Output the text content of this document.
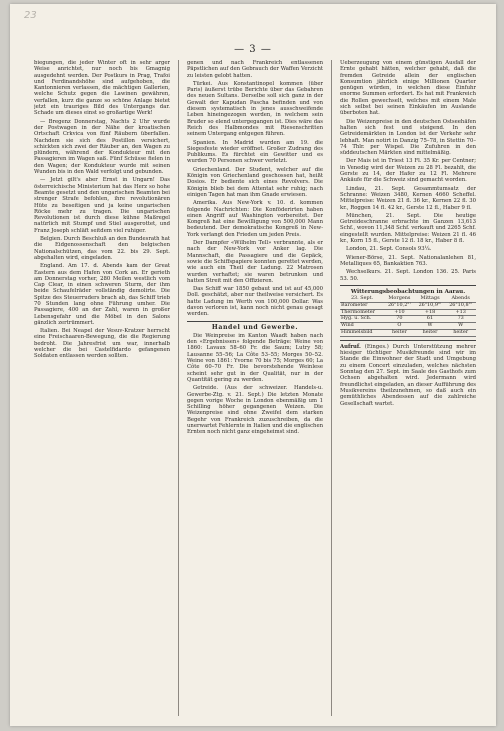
23
— 3 —

biegungen, die jeder Winter oft in sehr arger Weise anrichtet, nur noch bis Gmagnig ausgedehnt werden. Der Postkurs in Prag, Trafoi und Ferdinandshöhe sind aufgehoben, die Kantonnieren verlassen, die mächtigen Gallerien, welche Schutz gegen die Lawinen gewähren, verfallen, kurz die ganze so schöne Anlage bietet jetzt ein trauriges Bild des Untergangs dar. Schade um dieses einst so großartige Werk!

— Bregenz Donnerstag, Nachts 2 Uhr wurde der Postwagen in der Nähe der kroatischen Ortschaft Crkvica von fünf Räubern überfallen. Nachdem sie sich des Postillon versichert, schickten sich zwei der Räuber an, den Wagen zu plündern, während der Kondukteur mit den Passagieren im Wagen saß. Fünf Schüsse fielen in den Wagen; der Kondukteur wurde mit seinen Wunden bis in den Wald verfolgt und gebunden.

— Jetzt gilt's aber Ernst in Ungarn! Das österreichische Ministerium hat das Herz so hohe Beamte gesetzt und den ungarischen Beamten bei strenger Strafe befohlen, ihre revolutionären Hüte zu beseitigen und ja keine ungarischen Röcke mehr zu tragen. Die ungarischen Revolutionen ist durch diese kühne Maßregel natürlich mit Stumpf und Stiel ausgerottet, und Franz Joseph schläft seitdem viel ruhiger.

Belgien. Durch Beschluß an den Bundesrath hat die Eidgenossenschaft den belgischen Nationalschützen, das vom 22. bis 29. Sept. abgehalten wird, eingeladen.

England. Am 17. d. Abends kam der Great Eastern aus dem Hafen von Cork an. Er gerieth am Donnerstag vorher, 280 Meilen westlich vom Cap Clear, in einen schweren Sturm, der ihm beide Schaufelräder vollständig demolirte. Die Spitze des Steuerruders brach ab, das Schiff trieb 70 Stunden lang ohne Führung umher. Die Passagiere, 400 an der Zahl, waren in großer Lebensgefahr und die Möbel in den Salons gänzlich zertrümmert.

Italien. Bei Neapel der Vesuv-Kratzer herrscht eine Freischaaren-Bewegung, die die Regierung bedroht. Die Jahresfrist um war, innerhalb welcher die bei Castelfidardo gefangenen Soldaten entlassen werden sollten.

genen und nach Frankreich entlassenen Päpstlichen auf den Gebrauch der Waffen Verzicht zu leisten gelobt hatten.

Türkei. Aus Konstantinopel kommen (über Paris) äußerst trübe Berichte über das Gebahren des neuen Sultans. Derselbe soll sich ganz in der Gewalt der Kapudan Pascha befinden und von diesem systematisch in jenes ausschweifende Leben hineingezogen werden, in welchem sein Bruder so elend untergegangen ist. Dies wäre das Reich des Halbmondes mit Riesenschritten seinem Untergang entgegen führen.

Spanien. In Madrid wurden am 19. die Siegesfeste wieder eröffnet. Großer Zudrang des Publikums. Es fürchtet ein Gewitter und es wurden 70 Personen schwer verletzt.

Griechenland. Der Student, welcher auf die Königin von Griechenland geschossen hat, heißt Dosios. Er bediente sich eines Revolvers. Die Königin blieb bei dem Attentat sehr ruhig; nach einigen Tagen hat man ihm Gnade erwiesen.

Amerika. Aus New-York v. 10. d. kommen folgende Nachrichten: Die Konföderirten haben einen Angriff auf Washington vorbereitet. Der Kongreß hat eine Bewilligung von 500,000 Mann bedeutend. Der demokratische Kongreß in New-York verlangt den Frieden um jeden Preis.

Der Dampfer «Wilhelm Tell» verbrannte, als er nach der New-York vor Anker lag. Die Mannschaft, die Passagiere und die Gepäck, sowie die Schiffspapiere konnten gerettet werden, wie auch ein Theil der Ladung. 22 Matrosen wurden verhaftet; sie waren betrunken und hatten Streit mit den Offizieren.

Das Schiff war 1850 gebaut und ist auf 45,000 Doll. geschätzt, aber nur theilweise versichert. Es hatte Ladung im Werth von 100,000 Dollar. Was davon verloren ist, kann noch nicht genau gesagt werden.

Handel und Gewerbe.

Die Weinpreise im Kanton Waadt haben nach den «Ergebnissen» folgende Beträge: Weine von 1860: Lavaux 58–60 Fr. die Saum; Lutry 58; Lausanne 55–56; La Côte 53–55; Morges 50–52. Weine von 1861: Yvorne 70 bis 75; Morges 60; La Côte 60–70 Fr. Die bevorstehende Weinlese scheint sehr gut in der Qualität, nur in der Quantität gering zu werden.

Getreide. (Aus der schweizer. Handels-u. Gewerbe-Ztg. v. 21. Sept.) Die letzten Monate gegen vorige Woche in London ebenmäßig um 1 Schilling höher gegangenen Weizen. Die Weizenpreise sind ohne Zweifel dem starken Begehr von Frankreich zuzuschreiben, da die unerwartet Fehlernte in Italien und die englischen Ernten noch nicht ganz eingeheimst sind.

Ueberzeugung von einem günstigen Ausfall der Ernte gehabt hätten, welcher gehabt, daß die fremden Getreide allein der englischen Konsumtion jährlich einige Millionen Quarter genügen würden, in welchen diese Einfuhr enorme Summen erfordert. Es hat mit Frankreich die Rollen gewechselt, welches mit einem Male sich selbst bei seinen Einkäufen im Auslande überboten hat.

Die Weizenpreise in den deutschen Ostseehäfen halten sich fest und steigend. In den Getreidemärkten in London ist der Verkehr sehr lebhaft. Man notirt in Danzig 75–78, in Stettin 70–74 Thlr. per Wispel. Die Zufuhren in den süddeutschen Märkten sind mittelmäßig.

Der Mais ist in Triest 13 Fl. 35 Kr. per Centner; in Venedig wird der Weizen zu 28 Fl. bezahlt, die Gerste zu 14, der Hafer zu 12 Fl. Mehrere Ankäufe für die Schweiz sind gemacht worden.

Lindau, 21. Sept. Gesammtumsatz der Schranne: Weizen 3480, Kernen 4660 Scheffel. Mittelpreise: Weizen 21 fl. 36 kr., Kernen 22 fl. 30 kr., Roggen 14 fl. 42 kr., Gerste 12 fl., Haber 9 fl.

München, 21. Sept. Die heutige Getreideschranne erbrachte im Ganzen 13,613 Schf., wovon 11,348 Schf. verkauft und 2265 Schf. eingestellt wurden. Mittelpreise: Weizen 21 fl. 46 kr., Korn 15 fl., Gerste 12 fl. 18 kr., Haber 8 fl.

London, 21. Sept. Consols 93¼.

Wiener-Börse, 21. Sept. Nationalanlehen 81, Metalliques 65, Bankaktien 763.

Wechselkurs. 21. Sept. London 136. 25. Paris 53. 50.

Witterungsbeobachtungen in Aarau.
23. Sept.	Morgens	Mittags	Abends
Barometer	26"10,2"'	26"10,9"'	26"10,8"'
Thermometer	+10	+18	+13
Hyg. u. Sch.	70	61	73
Wind	O	W	W
Himmelsbild	heiter	heiter	heiter

Aufruf. (Einges.) Durch Unterstützung mehrer hiesiger tüchtiger Musikfreunde sind wir im Stande die Einwohner der Stadt und Umgebung zu einem Concert einzuladen, welches nächsten Sonntag den 27. Sept. im Saale des Gasthofs zum Ochsen abgehalten wird. Jedermann wird freundlichst eingeladen, an dieser Aufführung des Musikvereins theilzunehmen, so daß auch ein gemüthliches Abendessen auf die zahlreiche Gesellschaft wartet.
